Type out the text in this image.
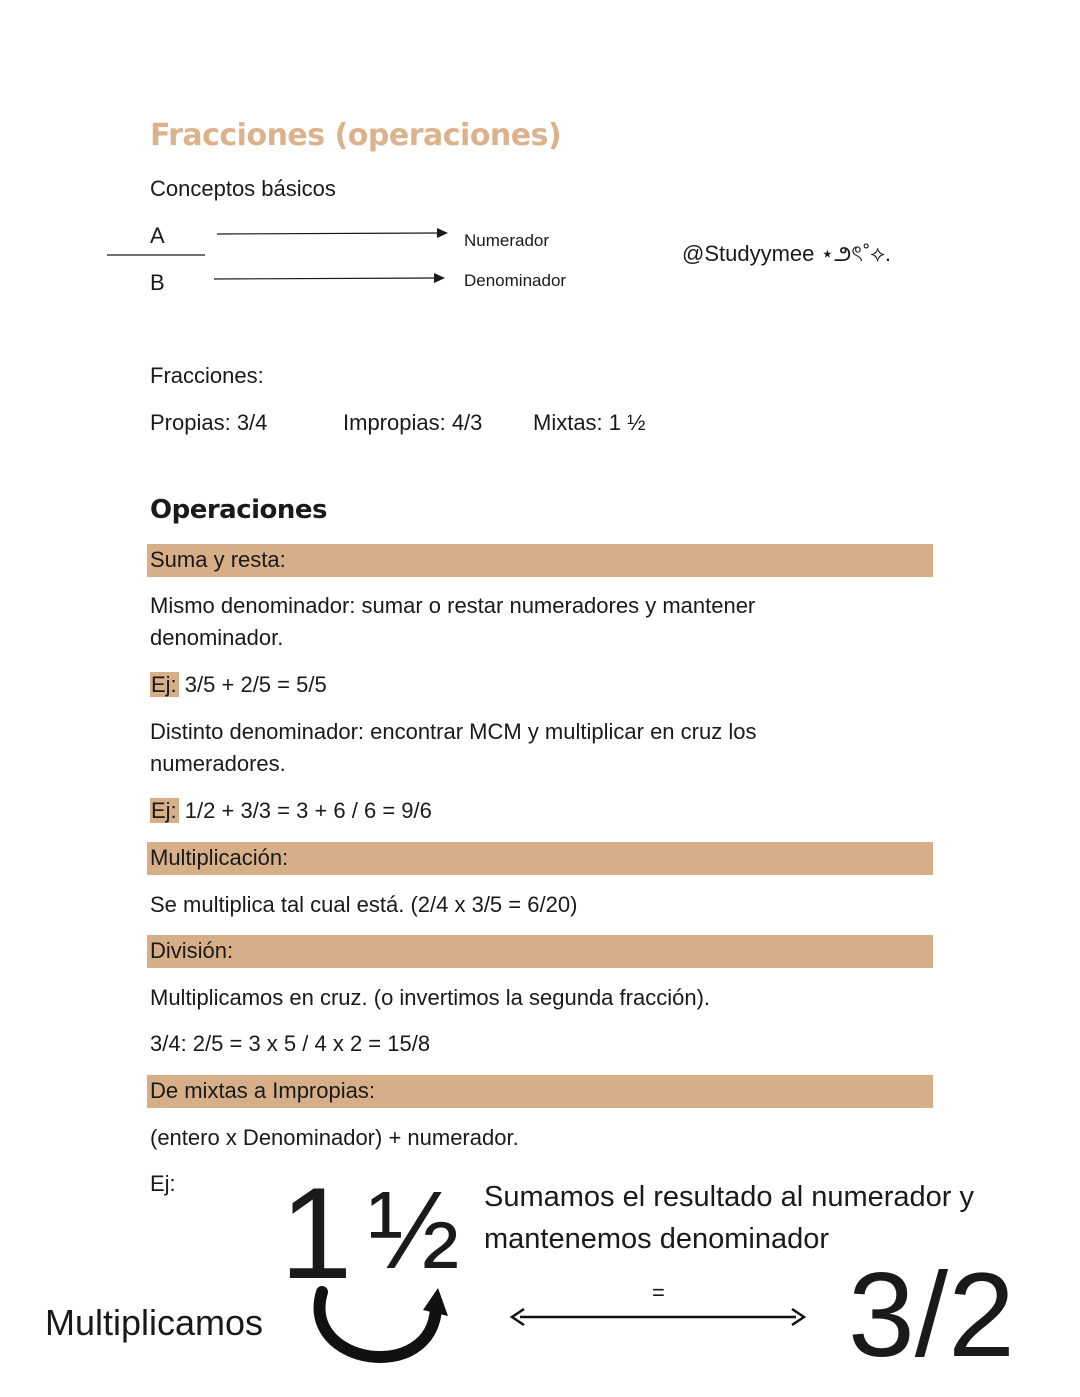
Fracciones (operaciones)
Conceptos básicos
A
B
Numerador
Denominador
@Studyymee ⋆౨ৎ˚⟡.
Fracciones:
Propias: 3/4	Impropias: 4/3 Mixtas: 1 ½
Operaciones
Suma y resta:
Mismo denominador: sumar o restar numeradores y mantener denominador.
Ej: 3/5 + 2/5 = 5/5
Distinto denominador: encontrar MCM y multiplicar en cruz los numeradores.
Ej: 1/2 + 3/3 = 3 + 6 / 6 = 9/6
Multiplicación:
Se multiplica tal cual está. (2/4 x 3/5 = 6/20)
División:
Multiplicamos en cruz. (o invertimos la segunda fracción).
3/4: 2/5 = 3 x 5 / 4 x 2 = 15/8
De mixtas a Impropias:
(entero x Denominador) + numerador.
Ej: 1 ½ Sumamos el resultado al numerador y mantenemos denominador
Multiplicamos
= 3/2
